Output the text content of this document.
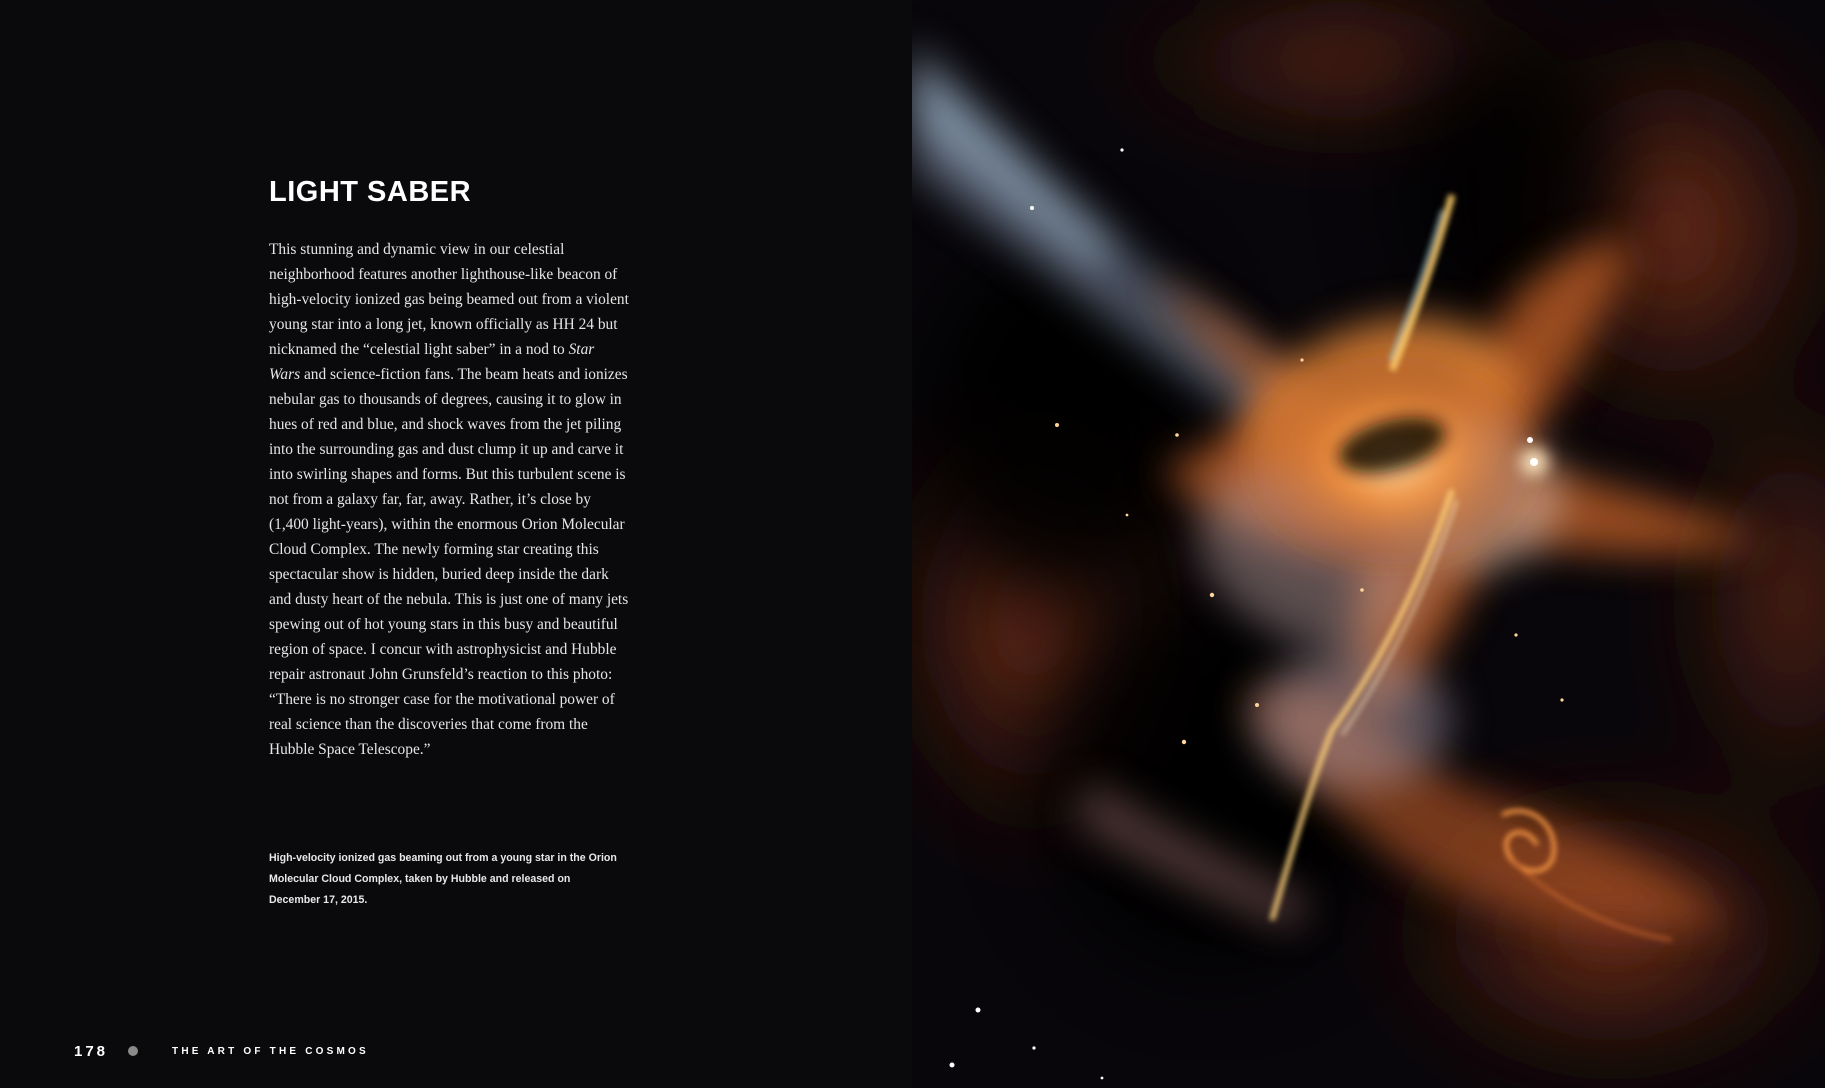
LIGHT SABER

This stunning and dynamic view in our celestial neighborhood features another lighthouse-like beacon of high-velocity ionized gas being beamed out from a violent young star into a long jet, known officially as HH 24 but nicknamed the “celestial light saber” in a nod to Star Wars and science-fiction fans. The beam heats and ionizes nebular gas to thousands of degrees, causing it to glow in hues of red and blue, and shock waves from the jet piling into the surrounding gas and dust clump it up and carve it into swirling shapes and forms. But this turbulent scene is not from a galaxy far, far, away. Rather, it’s close by (1,400 light-years), within the enormous Orion Molecular Cloud Complex. The newly forming star creating this spectacular show is hidden, buried deep inside the dark and dusty heart of the nebula. This is just one of many jets spewing out of hot young stars in this busy and beautiful region of space. I concur with astrophysicist and Hubble repair astronaut John Grunsfeld’s reaction to this photo: “There is no stronger case for the motivational power of real science than the discoveries that come from the Hubble Space Telescope.”

High-velocity ionized gas beaming out from a young star in the Orion Molecular Cloud Complex, taken by Hubble and released on December 17, 2015.

178	THE ART OF THE COSMOS
